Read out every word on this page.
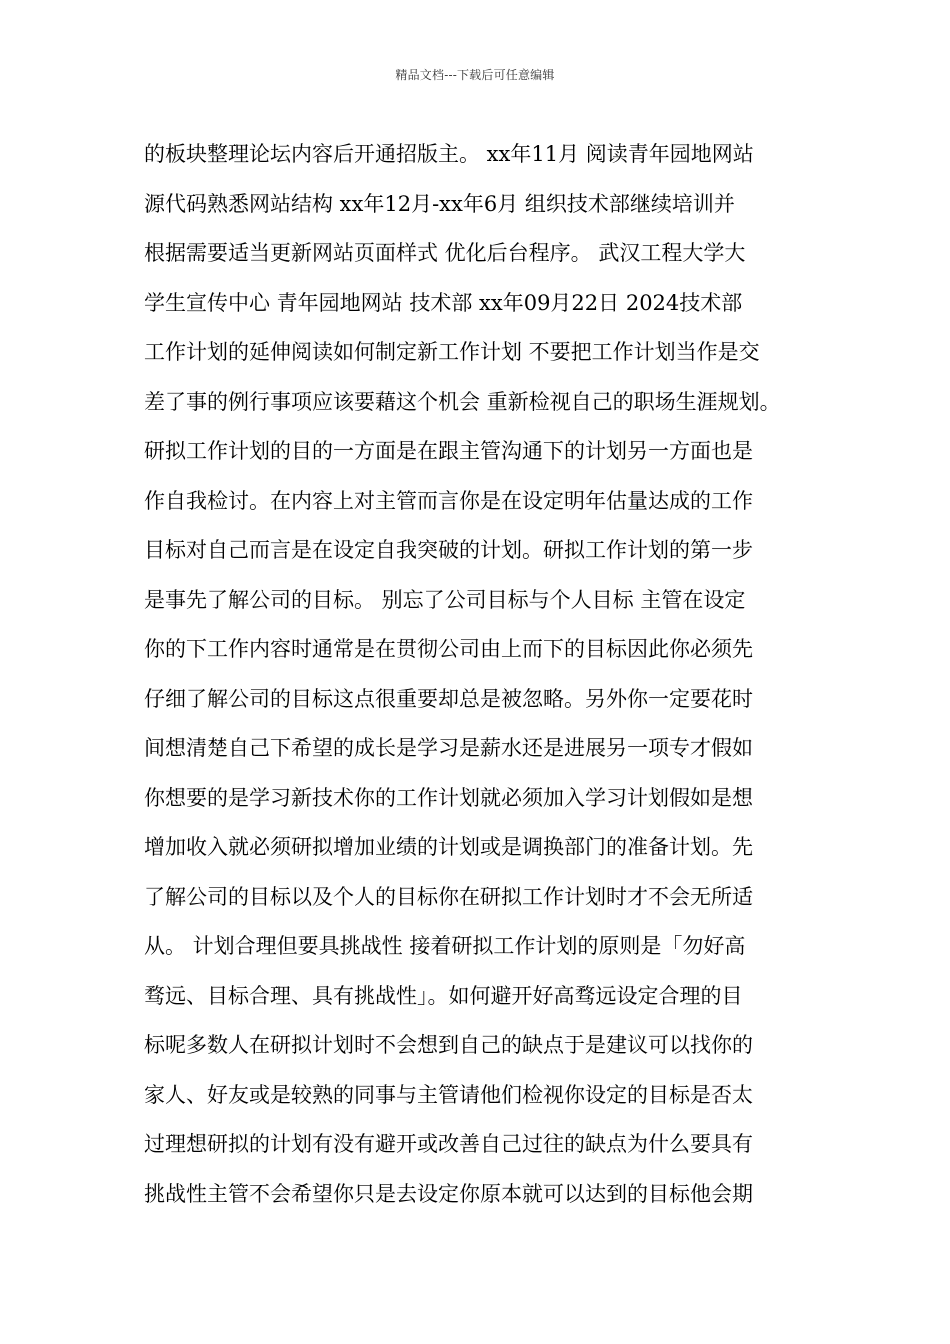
精品文档---下载后可任意编辑

的板块整理论坛内容后开通招版主。 xx年11月 阅读青年园地网站

源代码熟悉网站结构 xx年12月-xx年6月 组织技术部继续培训并

根据需要适当更新网站页面样式 优化后台程序。 武汉工程大学大

学生宣传中心 青年园地网站 技术部 xx年09月22日 2024技术部

工作计划的延伸阅读如何制定新工作计划 不要把工作计划当作是交

差了事的例行事项应该要藉这个机会 重新检视自己的职场生涯规划。

研拟工作计划的目的一方面是在跟主管沟通下的计划另一方面也是

作自我检讨。在内容上对主管而言你是在设定明年估量达成的工作

目标对自己而言是在设定自我突破的计划。研拟工作计划的第一步

是事先了解公司的目标。 别忘了公司目标与个人目标 主管在设定

你的下工作内容时通常是在贯彻公司由上而下的目标因此你必须先

仔细了解公司的目标这点很重要却总是被忽略。另外你一定要花时

间想清楚自己下希望的成长是学习是薪水还是进展另一项专才假如

你想要的是学习新技术你的工作计划就必须加入学习计划假如是想

增加收入就必须研拟增加业绩的计划或是调换部门的准备计划。先

了解公司的目标以及个人的目标你在研拟工作计划时才不会无所适

从。 计划合理但要具挑战性 接着研拟工作计划的原则是「勿好高

骛远、目标合理、具有挑战性」。如何避开好高骛远设定合理的目

标呢多数人在研拟计划时不会想到自己的缺点于是建议可以找你的

家人、好友或是较熟的同事与主管请他们检视你设定的目标是否太

过理想研拟的计划有没有避开或改善自己过往的缺点为什么要具有

挑战性主管不会希望你只是去设定你原本就可以达到的目标他会期
